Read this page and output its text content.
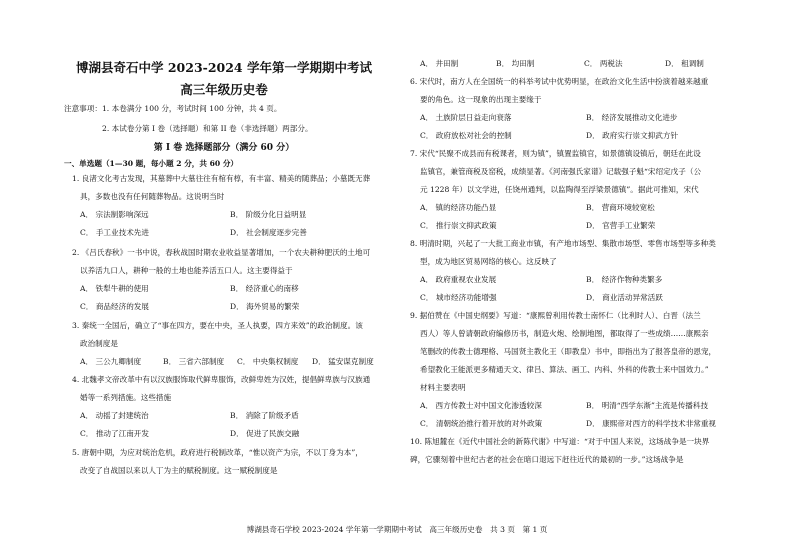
博湖县奇石中学 2023-2024 学年第一学期期中考试
高三年级历史卷
注意事项：1. 本卷满分 100 分，考试时间 100 分钟，共 4 页。
2. 本试卷分第 I 卷（选择题）和第 II 卷（非选择题）两部分。
第 I 卷 选择题部分（满分 60 分）
一、单选题（1—30 题，每小题 2 分，共 60 分）
1. 良渚文化考古发现，其墓葬中大墓往往有棺有椁，有丰富、精美的随葬品；小墓既无葬
具，多数也没有任何随葬物品。这说明当时
A． 宗法制影响深远	B． 阶级分化日益明显
C． 手工业技术先进	D． 社会制度逐步完善
2. 《吕氏春秋》一书中说，春秋战国时期农业收益显著增加，一个农夫耕种肥沃的土地可
以养活九口人，耕种一般的土地也能养活五口人。这主要得益于
A． 铁犁牛耕的使用	B． 经济重心的南移
C． 商品经济的发展	D． 海外贸易的繁荣
3. 秦统一全国后，确立了“事在四方，要在中央，圣人执要，四方来效”的政治制度。该
政治制度是
A． 三公九卿制度	B． 三省六部制度 C． 中央集权制度 D． 猛安谋克制度
4. 北魏孝文帝改革中有以汉族服饰取代鲜卑服饰，改鲜卑姓为汉姓，提倡鲜卑族与汉族通
婚等一系列措施。这些措施
A． 动摇了封建统治	B． 消除了阶级矛盾
C． 推动了江南开发	D． 促进了民族交融
5. 唐朝中期，为应对统治危机，政府进行税制改革，“惟以资产为宗，不以丁身为本”，
改变了自战国以来以人丁为主的赋税制度。这一赋税制度是
A． 井田制	B． 均田制	C． 两税法	D． 租调制
6. 宋代时，南方人在全国统一的科举考试中优势明显，在政治文化生活中扮演着越来越重
要的角色。这一现象的出现主要缘于
A． 土族阶层日益走向衰落	B． 经济发展推动文化进步
C． 政府放松对社会的控制	D． 政府实行崇文抑武方针
7. 宋代“民聚不成县而有税课者，则为镇”，镇置监镇官，如景德镇设镇后，朝廷在此设
监镇官，兼管商税及窑税，成绩显著。《河南强氏家谱》记载强子魁“宋绍定戊子（公
元 1228 年）以文学进，任饶州通判，以监陶得至浮梁景德镇”。据此可推知，宋代
A． 镇的经济功能凸显	B． 营商环境较宽松
C． 推行崇文抑武政策	D． 官营手工业繁荣
8. 明清时期，兴起了一大批工商业市镇，有产地市场型、集散市场型、零售市场型等多种类
型，成为地区贸易网络的核心。这反映了
A． 政府重视农业发展	B． 经济作物种类繁多
C． 城市经济功能增强	D． 商业活动异常活跃
9. 据伯赞在《中国史纲要》写道：“康熙曾利用传教士南怀仁（比利时人）、白晋（法兰
西人）等人曾请朝政府编修历书，制造火炮、绘制地图，都取得了一些成绩……康熙亲
笔删改的传教士德理格、马国贤主教化王（即教皇）书中，即指出为了报答皇帝的恩宠，
希望教化王能派更多精通天文、律吕、算法、画工、内科、外科的传教士来中国效力。”
材料主要表明
A． 西方传教士对中国文化渗透较深	B． 明清“西学东渐”主流是传播科技
C． 清朝统治推行着开放的对外政策	D． 康熙帝对西方的科学技术非常重视
10. 陈旭麓在《近代中国社会的新陈代谢》中写道：“对于中国人来说，这场战争是一块界
碑，它骤刻着中世纪古老的社会在暗口退远下赶往近代的最初的一步。”这场战争是
博湖县奇石学校 2023-2024 学年第一学期期中考试　高三年级历史卷　共 3 页　第 1 页
